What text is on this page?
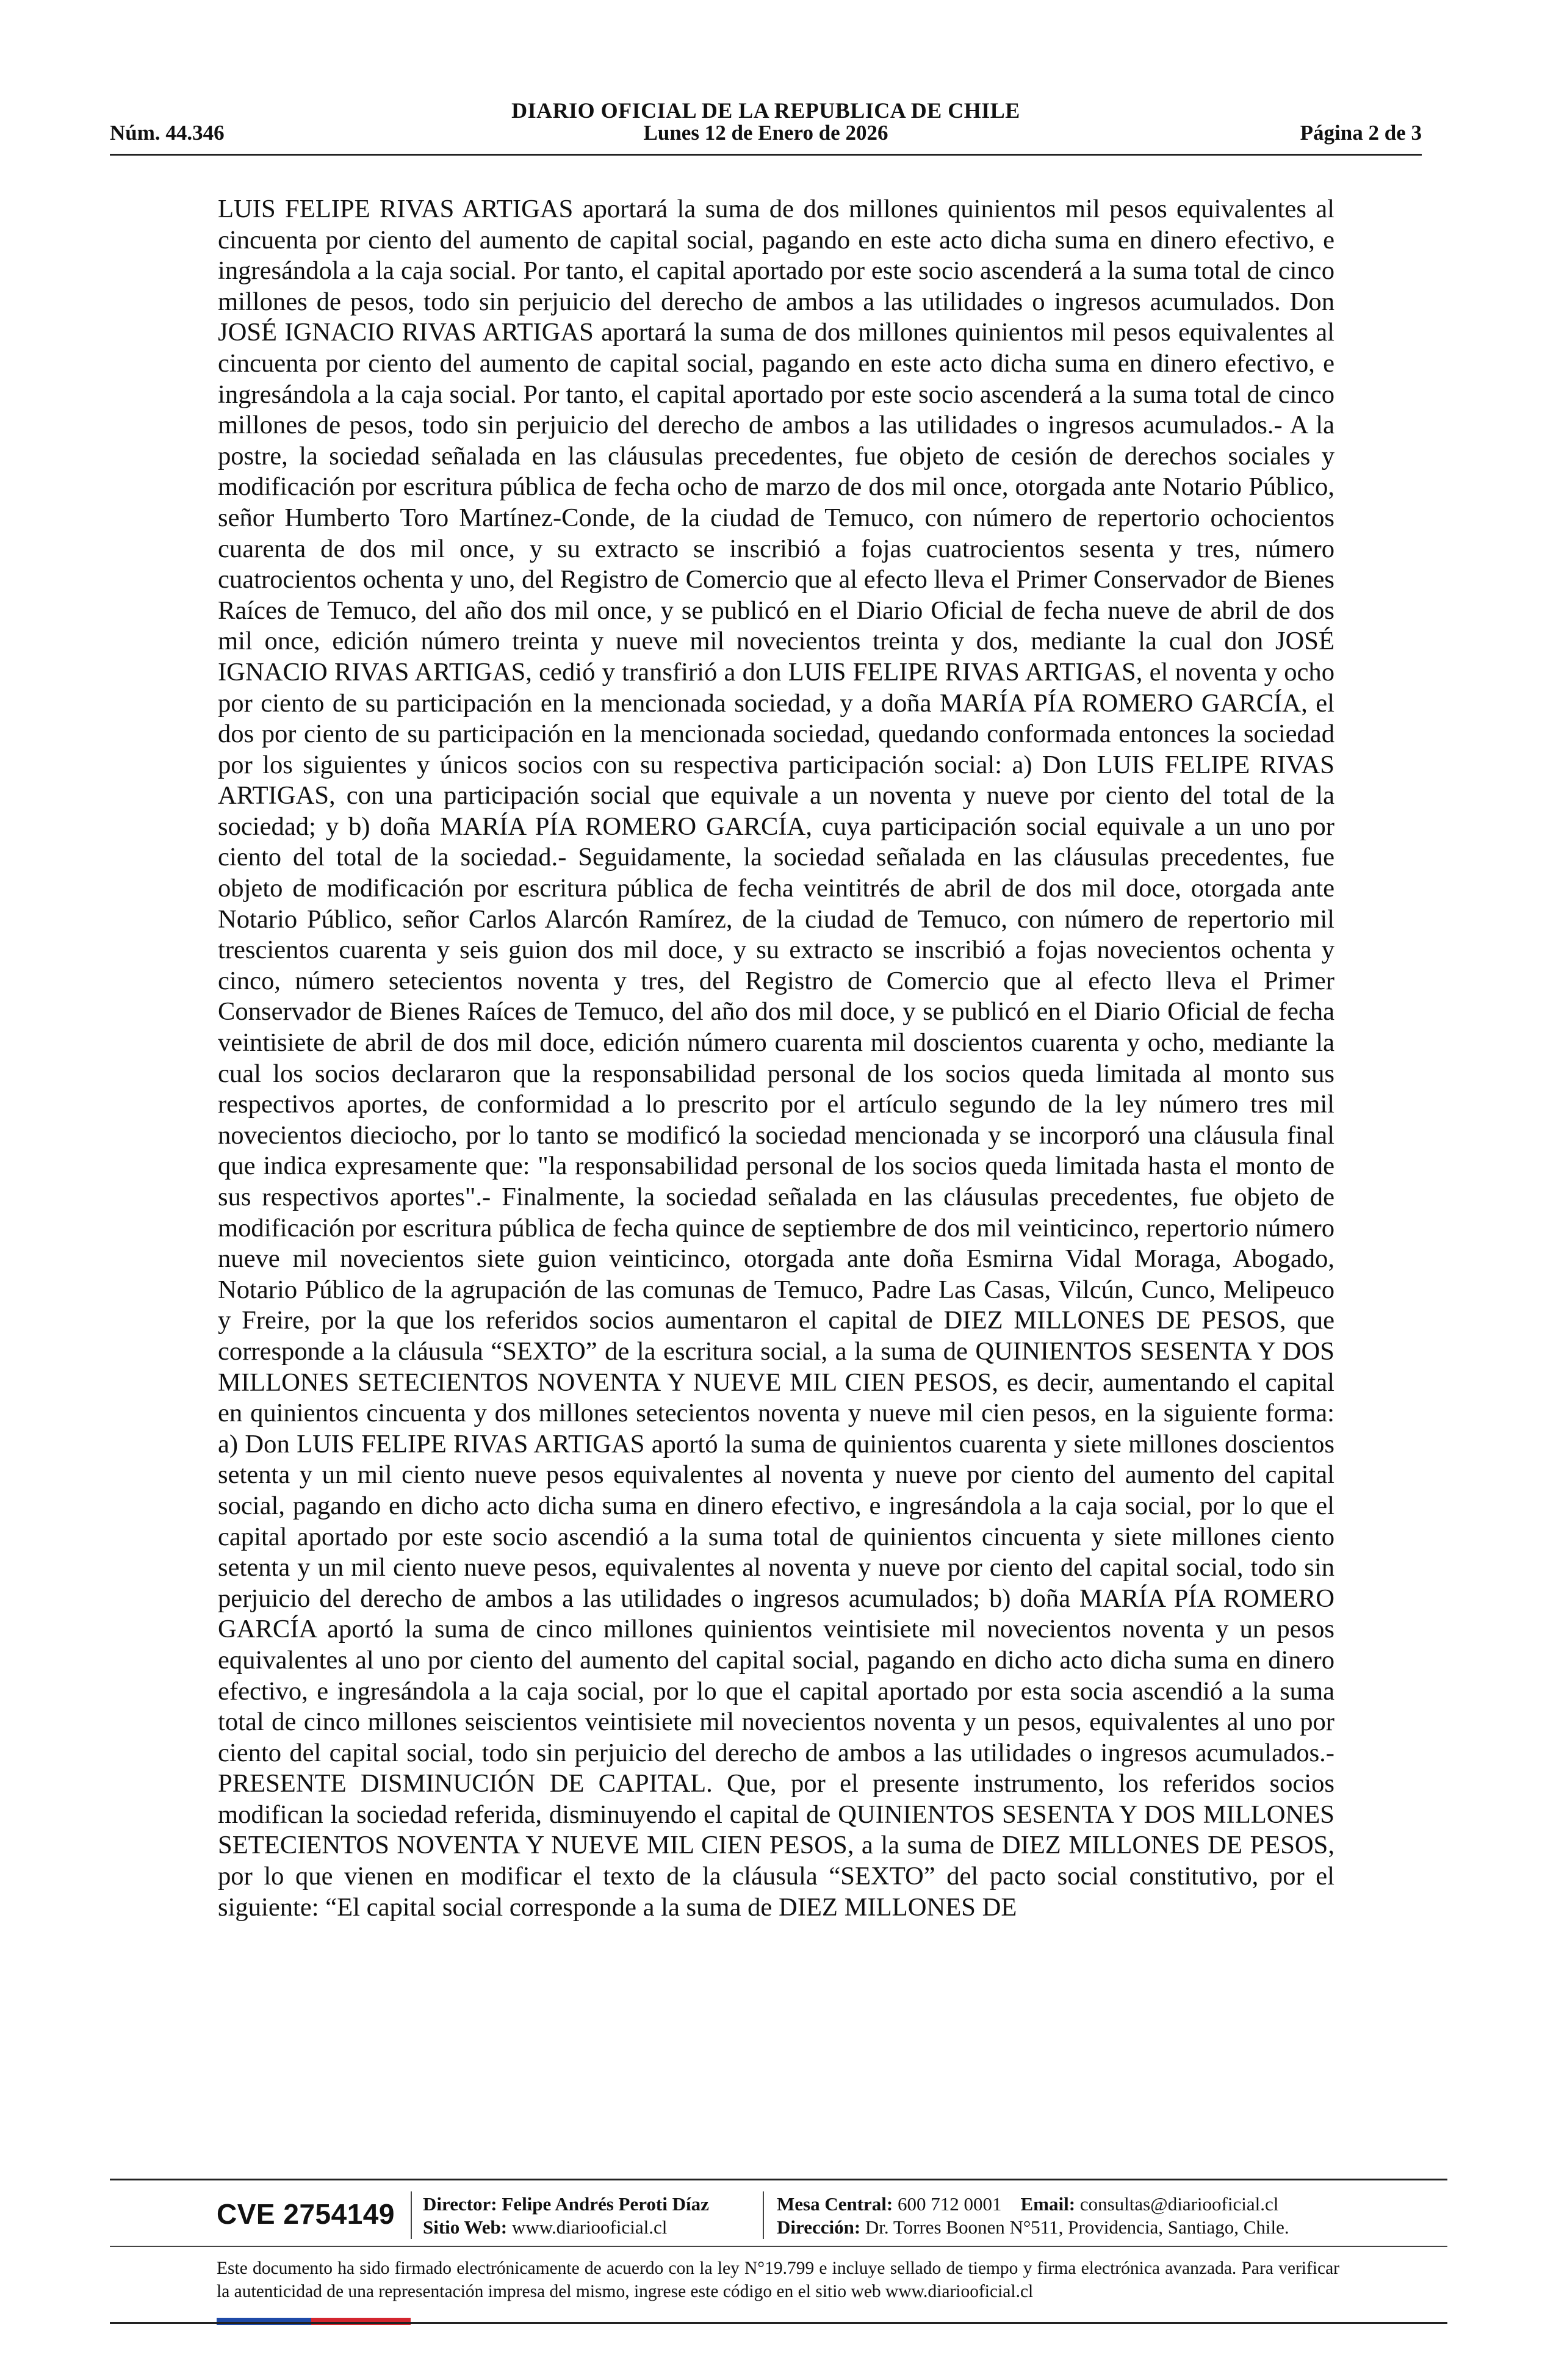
DIARIO OFICIAL DE LA REPUBLICA DE CHILE
Núm. 44.346	Lunes 12 de Enero de 2026	Página 2 de 3
LUIS FELIPE RIVAS ARTIGAS aportará la suma de dos millones quinientos mil pesos equivalentes al cincuenta por ciento del aumento de capital social, pagando en este acto dicha suma en dinero efectivo, e ingresándola a la caja social. Por tanto, el capital aportado por este socio ascenderá a la suma total de cinco millones de pesos, todo sin perjuicio del derecho de ambos a las utilidades o ingresos acumulados. Don JOSÉ IGNACIO RIVAS ARTIGAS aportará la suma de dos millones quinientos mil pesos equivalentes al cincuenta por ciento del aumento de capital social, pagando en este acto dicha suma en dinero efectivo, e ingresándola a la caja social. Por tanto, el capital aportado por este socio ascenderá a la suma total de cinco millones de pesos, todo sin perjuicio del derecho de ambos a las utilidades o ingresos acumulados.- A la postre, la sociedad señalada en las cláusulas precedentes, fue objeto de cesión de derechos sociales y modificación por escritura pública de fecha ocho de marzo de dos mil once, otorgada ante Notario Público, señor Humberto Toro Martínez-Conde, de la ciudad de Temuco, con número de repertorio ochocientos cuarenta de dos mil once, y su extracto se inscribió a fojas cuatrocientos sesenta y tres, número cuatrocientos ochenta y uno, del Registro de Comercio que al efecto lleva el Primer Conservador de Bienes Raíces de Temuco, del año dos mil once, y se publicó en el Diario Oficial de fecha nueve de abril de dos mil once, edición número treinta y nueve mil novecientos treinta y dos, mediante la cual don JOSÉ IGNACIO RIVAS ARTIGAS, cedió y transfirió a don LUIS FELIPE RIVAS ARTIGAS, el noventa y ocho por ciento de su participación en la mencionada sociedad, y a doña MARÍA PÍA ROMERO GARCÍA, el dos por ciento de su participación en la mencionada sociedad, quedando conformada entonces la sociedad por los siguientes y únicos socios con su respectiva participación social: a) Don LUIS FELIPE RIVAS ARTIGAS, con una participación social que equivale a un noventa y nueve por ciento del total de la sociedad; y b) doña MARÍA PÍA ROMERO GARCÍA, cuya participación social equivale a un uno por ciento del total de la sociedad.- Seguidamente, la sociedad señalada en las cláusulas precedentes, fue objeto de modificación por escritura pública de fecha veintitrés de abril de dos mil doce, otorgada ante Notario Público, señor Carlos Alarcón Ramírez, de la ciudad de Temuco, con número de repertorio mil trescientos cuarenta y seis guion dos mil doce, y su extracto se inscribió a fojas novecientos ochenta y cinco, número setecientos noventa y tres, del Registro de Comercio que al efecto lleva el Primer Conservador de Bienes Raíces de Temuco, del año dos mil doce, y se publicó en el Diario Oficial de fecha veintisiete de abril de dos mil doce, edición número cuarenta mil doscientos cuarenta y ocho, mediante la cual los socios declararon que la responsabilidad personal de los socios queda limitada al monto sus respectivos aportes, de conformidad a lo prescrito por el artículo segundo de la ley número tres mil novecientos dieciocho, por lo tanto se modificó la sociedad mencionada y se incorporó una cláusula final que indica expresamente que: "la responsabilidad personal de los socios queda limitada hasta el monto de sus respectivos aportes".- Finalmente, la sociedad señalada en las cláusulas precedentes, fue objeto de modificación por escritura pública de fecha quince de septiembre de dos mil veinticinco, repertorio número nueve mil novecientos siete guion veinticinco, otorgada ante doña Esmirna Vidal Moraga, Abogado, Notario Público de la agrupación de las comunas de Temuco, Padre Las Casas, Vilcún, Cunco, Melipeuco y Freire, por la que los referidos socios aumentaron el capital de DIEZ MILLONES DE PESOS, que corresponde a la cláusula “SEXTO” de la escritura social, a la suma de QUINIENTOS SESENTA Y DOS MILLONES SETECIENTOS NOVENTA Y NUEVE MIL CIEN PESOS, es decir, aumentando el capital en quinientos cincuenta y dos millones setecientos noventa y nueve mil cien pesos, en la siguiente forma: a) Don LUIS FELIPE RIVAS ARTIGAS aportó la suma de quinientos cuarenta y siete millones doscientos setenta y un mil ciento nueve pesos equivalentes al noventa y nueve por ciento del aumento del capital social, pagando en dicho acto dicha suma en dinero efectivo, e ingresándola a la caja social, por lo que el capital aportado por este socio ascendió a la suma total de quinientos cincuenta y siete millones ciento setenta y un mil ciento nueve pesos, equivalentes al noventa y nueve por ciento del capital social, todo sin perjuicio del derecho de ambos a las utilidades o ingresos acumulados; b) doña MARÍA PÍA ROMERO GARCÍA aportó la suma de cinco millones quinientos veintisiete mil novecientos noventa y un pesos equivalentes al uno por ciento del aumento del capital social, pagando en dicho acto dicha suma en dinero efectivo, e ingresándola a la caja social, por lo que el capital aportado por esta socia ascendió a la suma total de cinco millones seiscientos veintisiete mil novecientos noventa y un pesos, equivalentes al uno por ciento del capital social, todo sin perjuicio del derecho de ambos a las utilidades o ingresos acumulados.- PRESENTE DISMINUCIÓN DE CAPITAL. Que, por el presente instrumento, los referidos socios modifican la sociedad referida, disminuyendo el capital de QUINIENTOS SESENTA Y DOS MILLONES SETECIENTOS NOVENTA Y NUEVE MIL CIEN PESOS, a la suma de DIEZ MILLONES DE PESOS, por lo que vienen en modificar el texto de la cláusula “SEXTO” del pacto social constitutivo, por el siguiente: “El capital social corresponde a la suma de DIEZ MILLONES DE
CVE 2754149 Director: Felipe Andrés Peroti Díaz
Sitio Web: www.diariooficial.cl
Mesa Central: 600 712 0001 Email: consultas@diariooficial.cl
Dirección: Dr. Torres Boonen N°511, Providencia, Santiago, Chile.
Este documento ha sido firmado electrónicamente de acuerdo con la ley N°19.799 e incluye sellado de tiempo y firma electrónica avanzada. Para verificar la autenticidad de una representación impresa del mismo, ingrese este código en el sitio web www.diariooficial.cl
